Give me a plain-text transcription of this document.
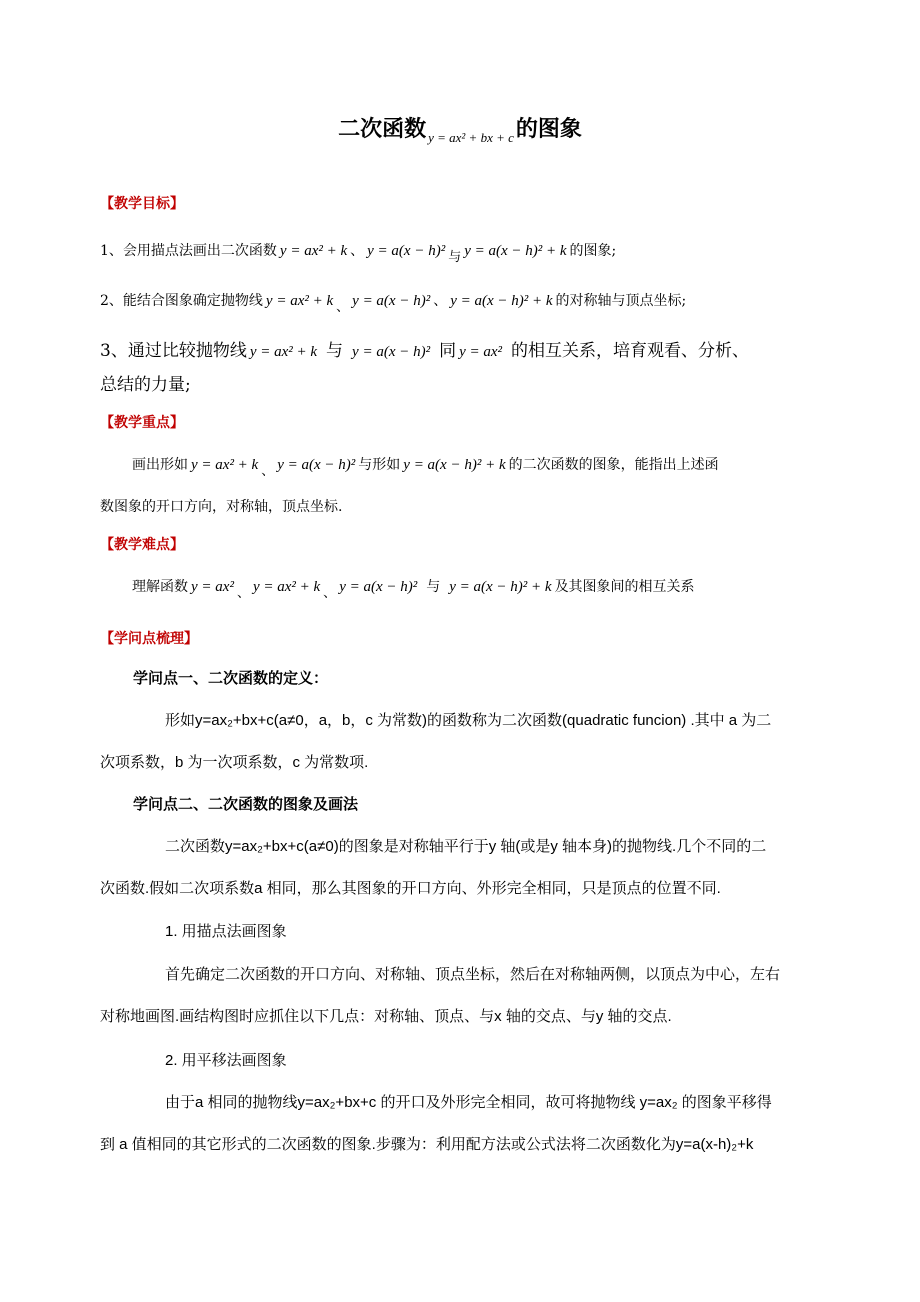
二次函数 $_{y = ax^2 + bx + c}$的图象
【教学目标】
1、会用描点法画出二次函数 y = ax² + k 、 y = a(x − h)² 与 y = a(x − h)² + k 的图象;
2、能结合图象确定抛物线 y = ax² + k 、 y = a(x − h)² 、 y = a(x − h)² + k 的对称轴与顶点坐标;
3、通过比较抛物线 y = ax² + k 与 y = a(x − h)² 同 y = ax² 的相互关系，培育观看、分析、
总结的力量;
【教学重点】
画出形如 y = ax² + k 、 y = a(x − h)² 与形如 y = a(x − h)² + k 的二次函数的图象，能指出上述函
数图象的开口方向，对称轴，顶点坐标.
【教学难点】
理解函数 y = ax² 、 y = ax² + k 、 y = a(x − h)² 与 y = a(x − h)² + k 及其图象间的相互关系
【学问点梳理】
学问点一、二次函数的定义：
形如y=ax₂+bx+c(a≠0，a，b，c 为常数)的函数称为二次函数(quadratic funcion) .其中 a 为二
次项系数，b 为一次项系数，c 为常数项.
学问点二、二次函数的图象及画法
二次函数y=ax₂+bx+c(a≠0)的图象是对称轴平行于y 轴(或是y 轴本身)的抛物线.几个不同的二
次函数.假如二次项系数a 相同，那么其图象的开口方向、外形完全相同，只是顶点的位置不同.
1. 用描点法画图象
首先确定二次函数的开口方向、对称轴、顶点坐标，然后在对称轴两侧，以顶点为中心，左右
对称地画图.画结构图时应抓住以下几点：对称轴、顶点、与x 轴的交点、与y 轴的交点.
2. 用平移法画图象
由于a 相同的抛物线y=ax₂+bx+c 的开口及外形完全相同，故可将抛物线 y=ax₂ 的图象平移得
到 a 值相同的其它形式的二次函数的图象.步骤为：利用配方法或公式法将二次函数化为y=a(x-h)₂+k
